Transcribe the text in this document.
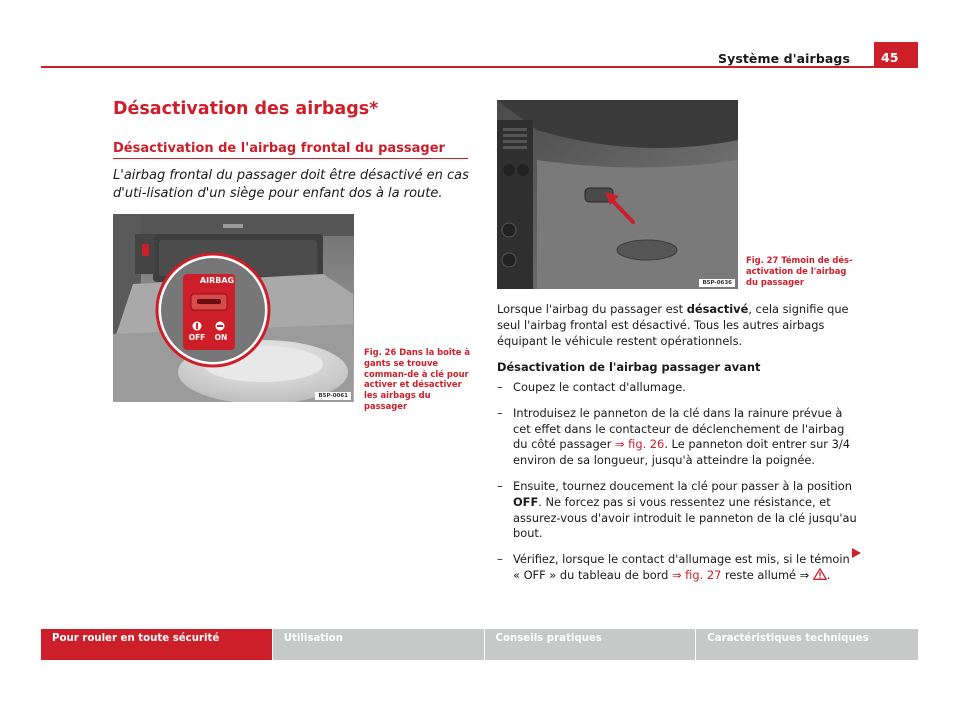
Système d'airbags	45
Désactivation des airbags*
Désactivation de l'airbag frontal du passager
L'airbag frontal du passager doit être désactivé en cas d'uti-lisation d'un siège pour enfant dos à la route.
AIRBAG
OFF	ON
B5P-0061
Fig. 26 Dans la boîte à gants se trouve comman-de à clé pour activer et désactiver les airbags du passager
B5P-0636
Fig. 27 Témoin de dés-activation de l'airbag du passager

Lorsque l'airbag du passager est désactivé, cela signifie que seul l'airbag frontal est désactivé. Tous les autres airbags équipant le véhicule restent opérationnels.

Désactivation de l'airbag passager avant
– Coupez le contact d'allumage.
– Introduisez le panneton de la clé dans la rainure prévue à cet effet dans le contacteur de déclenchement de l'airbag du côté passager ⇒ fig. 26. Le panneton doit entrer sur 3/4 environ de sa longueur, jusqu'à atteindre la poignée.
– Ensuite, tournez doucement la clé pour passer à la position OFF. Ne forcez pas si vous ressentez une résistance, et assurez-vous d'avoir introduit le panneton de la clé jusqu'au bout.
– Vérifiez, lorsque le contact d'allumage est mis, si le témoin « OFF » du tableau de bord ⇒ fig. 27 reste allumé ⇒ .
Pour rouler en toute sécurité	Utilisation	Conseils pratiques	Caractéristiques techniques
